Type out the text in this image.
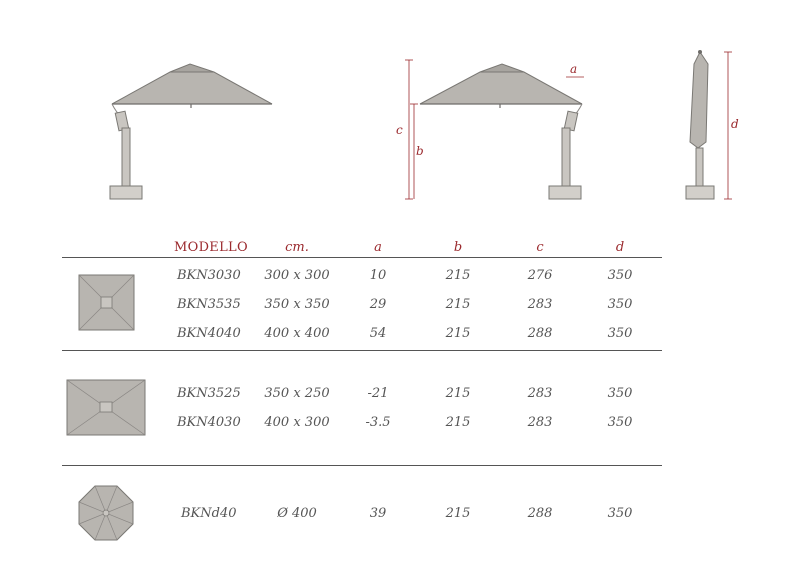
c
b
a
d
MODELLO	cm.	a	b	c	d
BKN3030 300 x 300	10	215	276	350
BKN3535 350 x 350	29	215	283	350
BKN4040 400 x 400	54	215	288	350
BKN3525 350 x 250	-21	215	283	350
BKN4030 400 x 300	-3.5	215	283	350
BKNd40	Ø 400	39	215	288	350
